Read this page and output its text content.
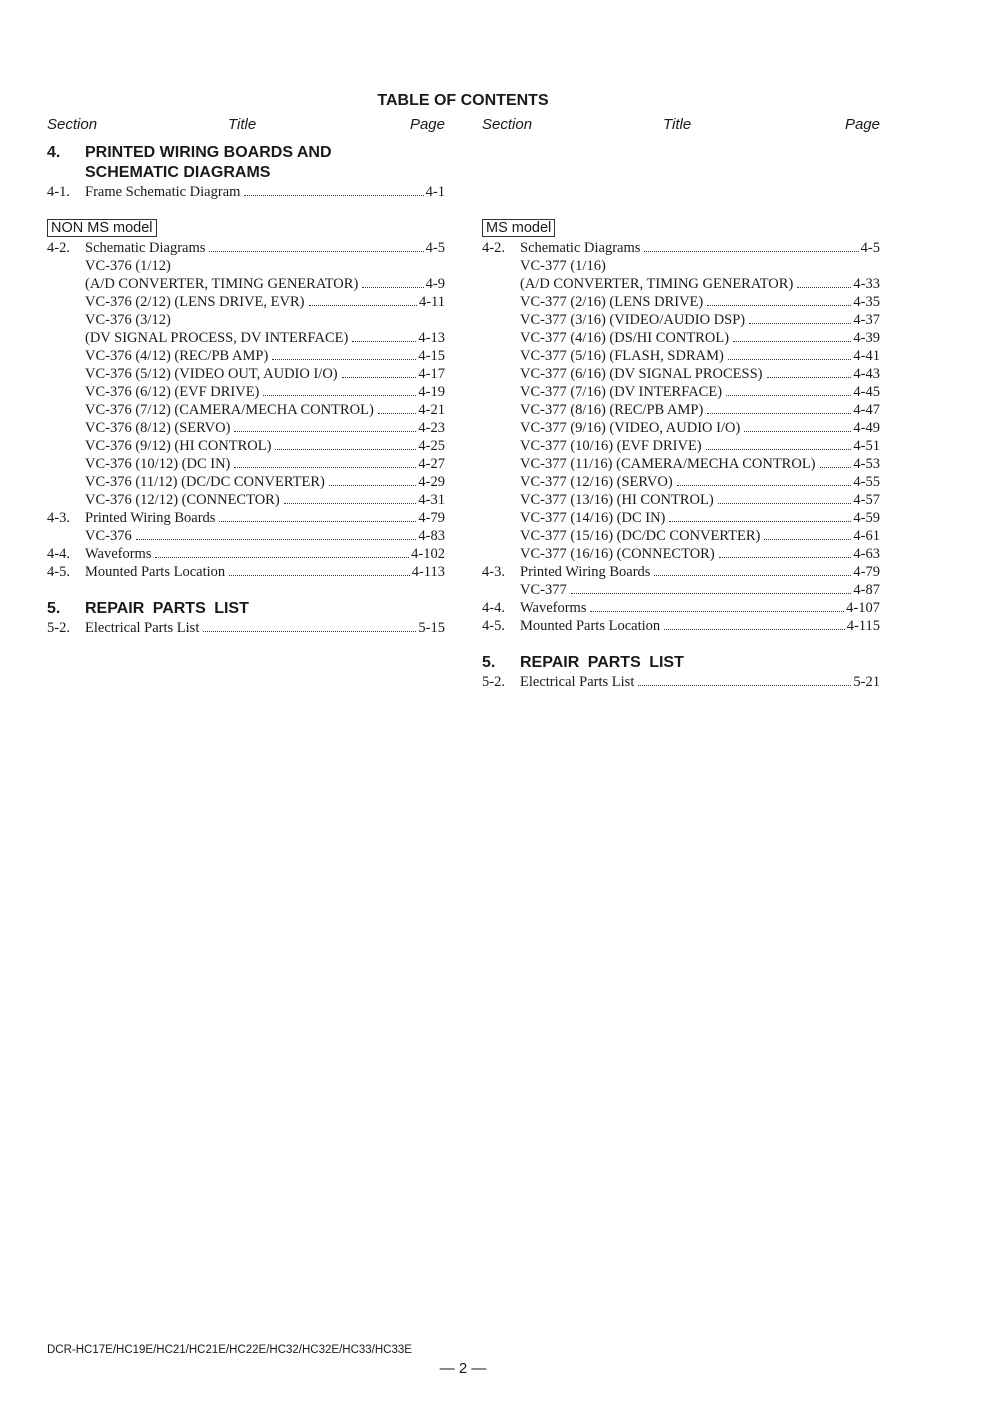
TABLE OF CONTENTS
Section	Title	Page
4.	PRINTED WIRING BOARDS AND
SCHEMATIC DIAGRAMS
4-1.	Frame Schematic Diagram	4-1
NON MS model
4-2.	Schematic Diagrams	4-5
VC-376 (1/12)
(A/D CONVERTER, TIMING GENERATOR)	4-9
VC-376 (2/12) (LENS DRIVE, EVR)	4-11
VC-376 (3/12)
(DV SIGNAL PROCESS, DV INTERFACE)	4-13
VC-376 (4/12) (REC/PB AMP)	4-15
VC-376 (5/12) (VIDEO OUT, AUDIO I/O)	4-17
VC-376 (6/12) (EVF DRIVE)	4-19
VC-376 (7/12) (CAMERA/MECHA CONTROL)	4-21
VC-376 (8/12) (SERVO)	4-23
VC-376 (9/12) (HI CONTROL)	4-25
VC-376 (10/12) (DC IN)	4-27
VC-376 (11/12) (DC/DC CONVERTER)	4-29
VC-376 (12/12) (CONNECTOR)	4-31
4-3.	Printed Wiring Boards	4-79
VC-376	4-83
4-4.	Waveforms	4-102
4-5.	Mounted Parts Location	4-113
5.	REPAIR PARTS LIST
5-2.	Electrical Parts List	5-15
Section	Title	Page
MS model
4-2.	Schematic Diagrams	4-5
VC-377 (1/16)
(A/D CONVERTER, TIMING GENERATOR)	4-33
VC-377 (2/16) (LENS DRIVE)	4-35
VC-377 (3/16) (VIDEO/AUDIO DSP)	4-37
VC-377 (4/16) (DS/HI CONTROL)	4-39
VC-377 (5/16) (FLASH, SDRAM)	4-41
VC-377 (6/16) (DV SIGNAL PROCESS)	4-43
VC-377 (7/16) (DV INTERFACE)	4-45
VC-377 (8/16) (REC/PB AMP)	4-47
VC-377 (9/16) (VIDEO, AUDIO I/O)	4-49
VC-377 (10/16) (EVF DRIVE)	4-51
VC-377 (11/16) (CAMERA/MECHA CONTROL)	4-53
VC-377 (12/16) (SERVO)	4-55
VC-377 (13/16) (HI CONTROL)	4-57
VC-377 (14/16) (DC IN)	4-59
VC-377 (15/16) (DC/DC CONVERTER)	4-61
VC-377 (16/16) (CONNECTOR)	4-63
4-3.	Printed Wiring Boards	4-79
VC-377	4-87
4-4.	Waveforms	4-107
4-5.	Mounted Parts Location	4-115
5.	REPAIR PARTS LIST
5-2.	Electrical Parts List	5-21
DCR-HC17E/HC19E/HC21/HC21E/HC22E/HC32/HC32E/HC33/HC33E
— 2 —
